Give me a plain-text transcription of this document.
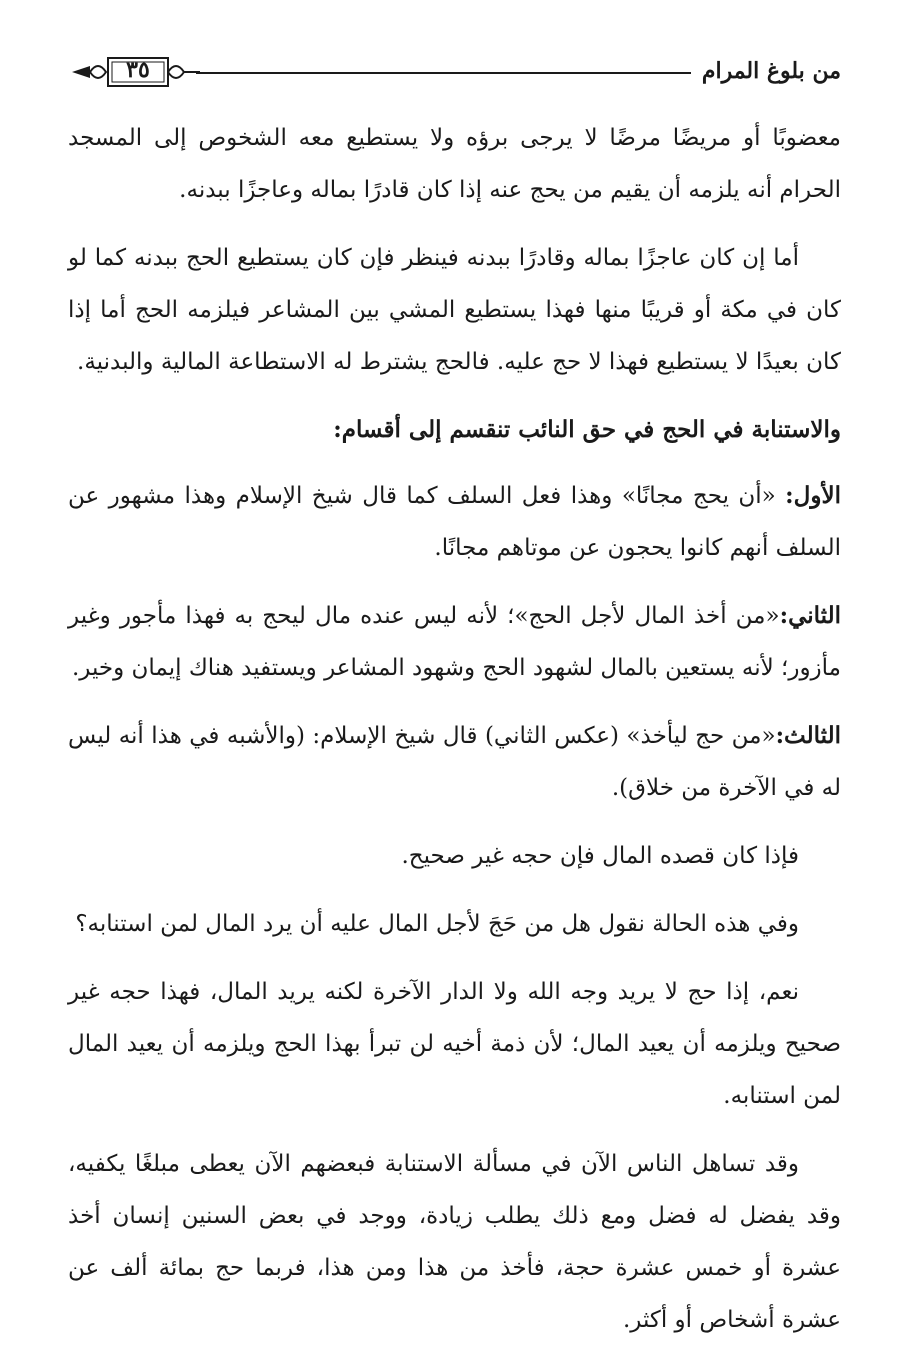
من بلوغ المرام
٣٥

معضوبًا أو مريضًا مرضًا لا يرجى برؤه ولا يستطيع معه الشخوص إلى المسجد الحرام أنه يلزمه أن يقيم من يحج عنه إذا كان قادرًا بماله وعاجزًا ببدنه.

أما إن كان عاجزًا بماله وقادرًا ببدنه فينظر فإن كان يستطيع الحج ببدنه كما لو كان في مكة أو قريبًا منها فهذا يستطيع المشي بين المشاعر فيلزمه الحج أما إذا كان بعيدًا لا يستطيع فهذا لا حج عليه. فالحج يشترط له الاستطاعة المالية والبدنية.

والاستنابة في الحج في حق النائب تنقسم إلى أقسام:

الأول: «أن يحج مجانًا» وهذا فعل السلف كما قال شيخ الإسلام وهذا مشهور عن السلف أنهم كانوا يحجون عن موتاهم مجانًا.

الثاني:«من أخذ المال لأجل الحج»؛ لأنه ليس عنده مال ليحج به فهذا مأجور وغير مأزور؛ لأنه يستعين بالمال لشهود الحج وشهود المشاعر ويستفيد هناك إيمان وخير.

الثالث:«من حج ليأخذ» (عكس الثاني) قال شيخ الإسلام: (والأشبه في هذا أنه ليس له في الآخرة من خلاق).

فإذا كان قصده المال فإن حجه غير صحيح.

وفي هذه الحالة نقول هل من حَجَ لأجل المال عليه أن يرد المال لمن استنابه؟

نعم، إذا حج لا يريد وجه الله ولا الدار الآخرة لكنه يريد المال، فهذا حجه غير صحيح ويلزمه أن يعيد المال؛ لأن ذمة أخيه لن تبرأ بهذا الحج ويلزمه أن يعيد المال لمن استنابه.

وقد تساهل الناس الآن في مسألة الاستنابة فبعضهم الآن يعطى مبلغًا يكفيه، وقد يفضل له فضل ومع ذلك يطلب زيادة، ووجد في بعض السنين إنسان أخذ عشرة أو خمس عشرة حجة، فأخذ من هذا ومن هذا، فربما حج بمائة ألف عن عشرة أشخاص أو أكثر.
